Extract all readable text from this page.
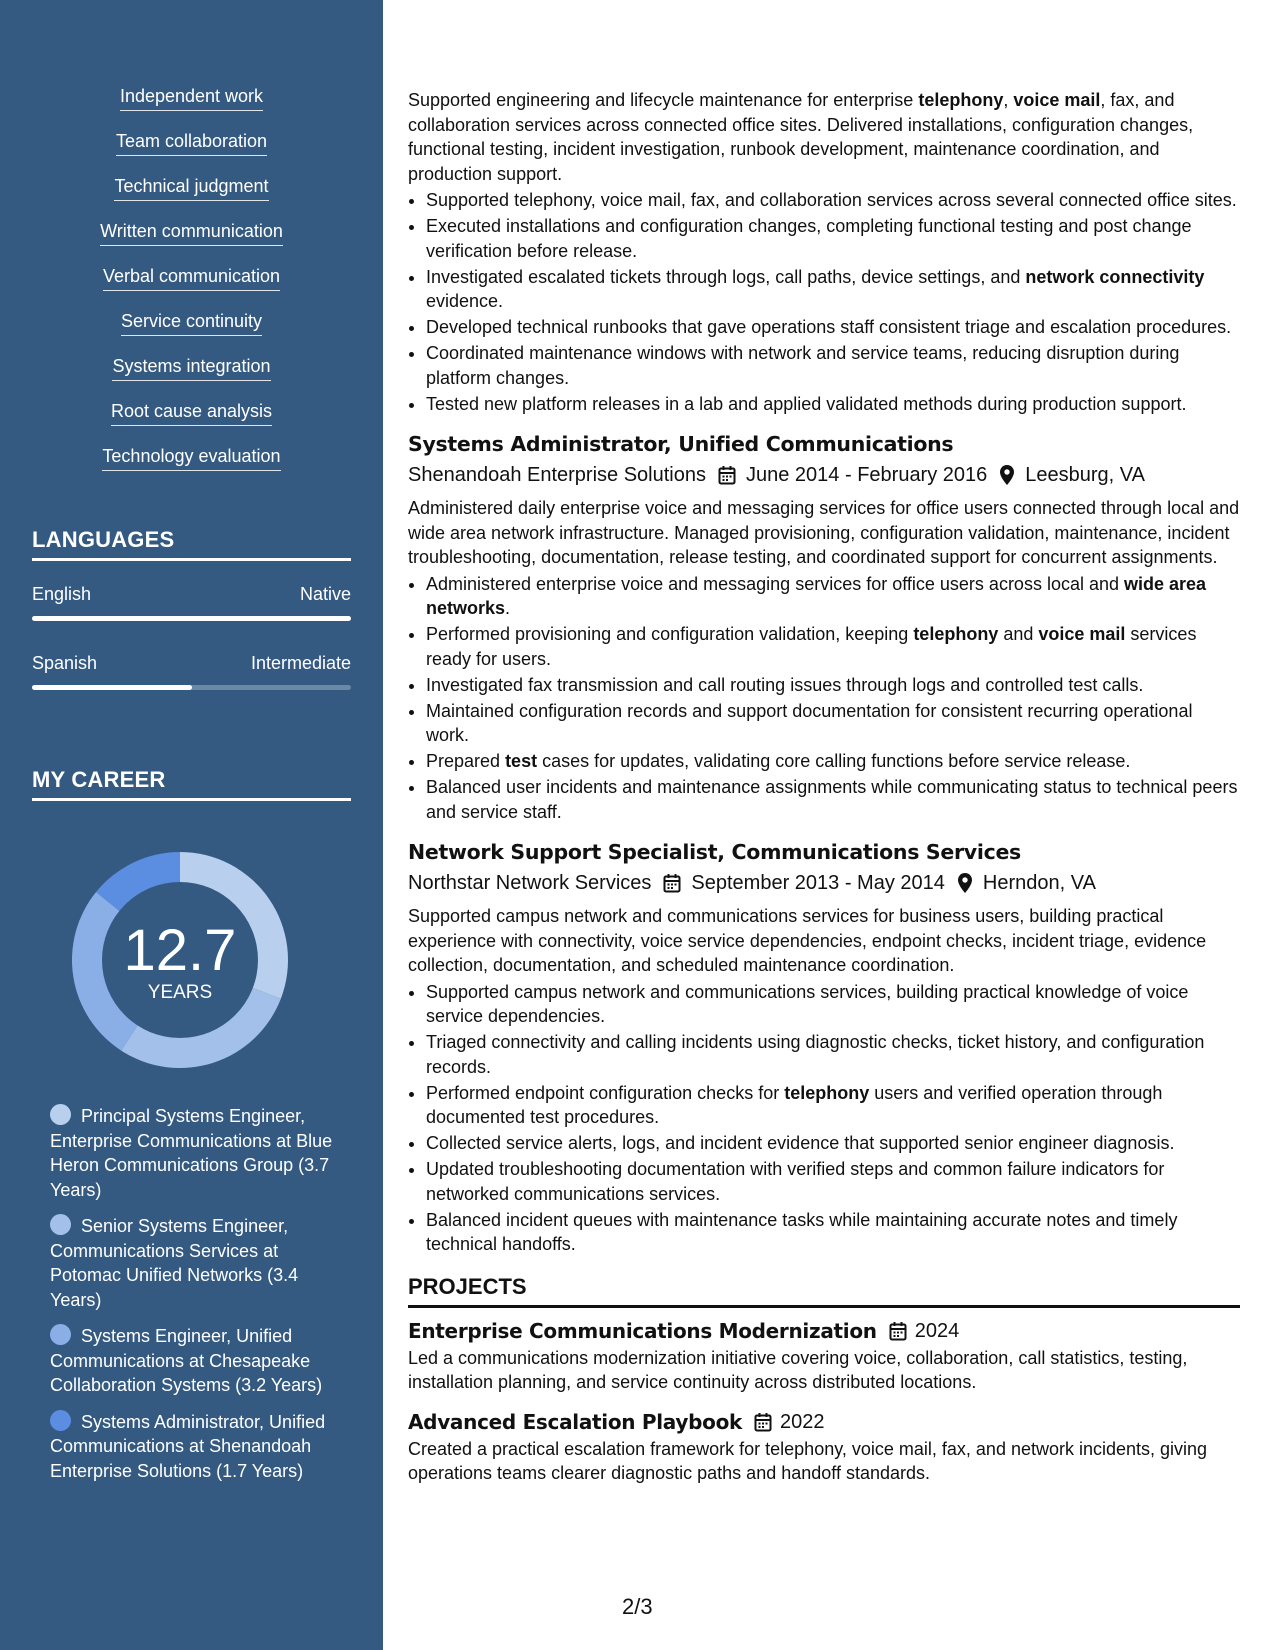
Independent work
Team collaboration
Technical judgment
Written communication
Verbal communication
Service continuity
Systems integration
Root cause analysis
Technology evaluation
LANGUAGES
English	Native
Spanish	Intermediate
MY CAREER
12.7
YEARS
Principal Systems Engineer, Enterprise Communications at Blue Heron Communications Group (3.7 Years)
Senior Systems Engineer, Communications Services at Potomac Unified Networks (3.4 Years)
Systems Engineer, Unified Communications at Chesapeake Collaboration Systems (3.2 Years)
Systems Administrator, Unified Communications at Shenandoah Enterprise Solutions (1.7 Years)

Supported engineering and lifecycle maintenance for enterprise telephony, voice mail, fax, and collaboration services across connected office sites. Delivered installations, configuration changes, functional testing, incident investigation, runbook development, maintenance coordination, and production support.

• Supported telephony, voice mail, fax, and collaboration services across several connected office sites.
• Executed installations and configuration changes, completing functional testing and post change verification before release.
• Investigated escalated tickets through logs, call paths, device settings, and network connectivity evidence.
• Developed technical runbooks that gave operations staff consistent triage and escalation procedures.
• Coordinated maintenance windows with network and service teams, reducing disruption during platform changes.
• Tested new platform releases in a lab and applied validated methods during production support.
Systems Administrator, Unified Communications
Shenandoah Enterprise Solutions June 2014 - February 2016 Leesburg, VA

Administered daily enterprise voice and messaging services for office users connected through local and wide area network infrastructure. Managed provisioning, configuration validation, maintenance, incident troubleshooting, documentation, release testing, and coordinated support for concurrent assignments.

• Administered enterprise voice and messaging services for office users across local and wide area networks.
• Performed provisioning and configuration validation, keeping telephony and voice mail services ready for users.
• Investigated fax transmission and call routing issues through logs and controlled test calls.
• Maintained configuration records and support documentation for consistent recurring operational work.
• Prepared test cases for updates, validating core calling functions before service release.
• Balanced user incidents and maintenance assignments while communicating status to technical peers and service staff.
Network Support Specialist, Communications Services
Northstar Network Services September 2013 - May 2014 Herndon, VA

Supported campus network and communications services for business users, building practical experience with connectivity, voice service dependencies, endpoint checks, incident triage, evidence collection, documentation, and scheduled maintenance coordination.

• Supported campus network and communications services, building practical knowledge of voice service dependencies.
• Triaged connectivity and calling incidents using diagnostic checks, ticket history, and configuration records.
• Performed endpoint configuration checks for telephony users and verified operation through documented test procedures.
• Collected service alerts, logs, and incident evidence that supported senior engineer diagnosis.
• Updated troubleshooting documentation with verified steps and common failure indicators for networked communications services.
• Balanced incident queues with maintenance tasks while maintaining accurate notes and timely technical handoffs.
PROJECTS
Enterprise Communications Modernization 2024

Led a communications modernization initiative covering voice, collaboration, call statistics, testing, installation planning, and service continuity across distributed locations.

Advanced Escalation Playbook 2022

Created a practical escalation framework for telephony, voice mail, fax, and network incidents, giving operations teams clearer diagnostic paths and handoff standards.

2/3
